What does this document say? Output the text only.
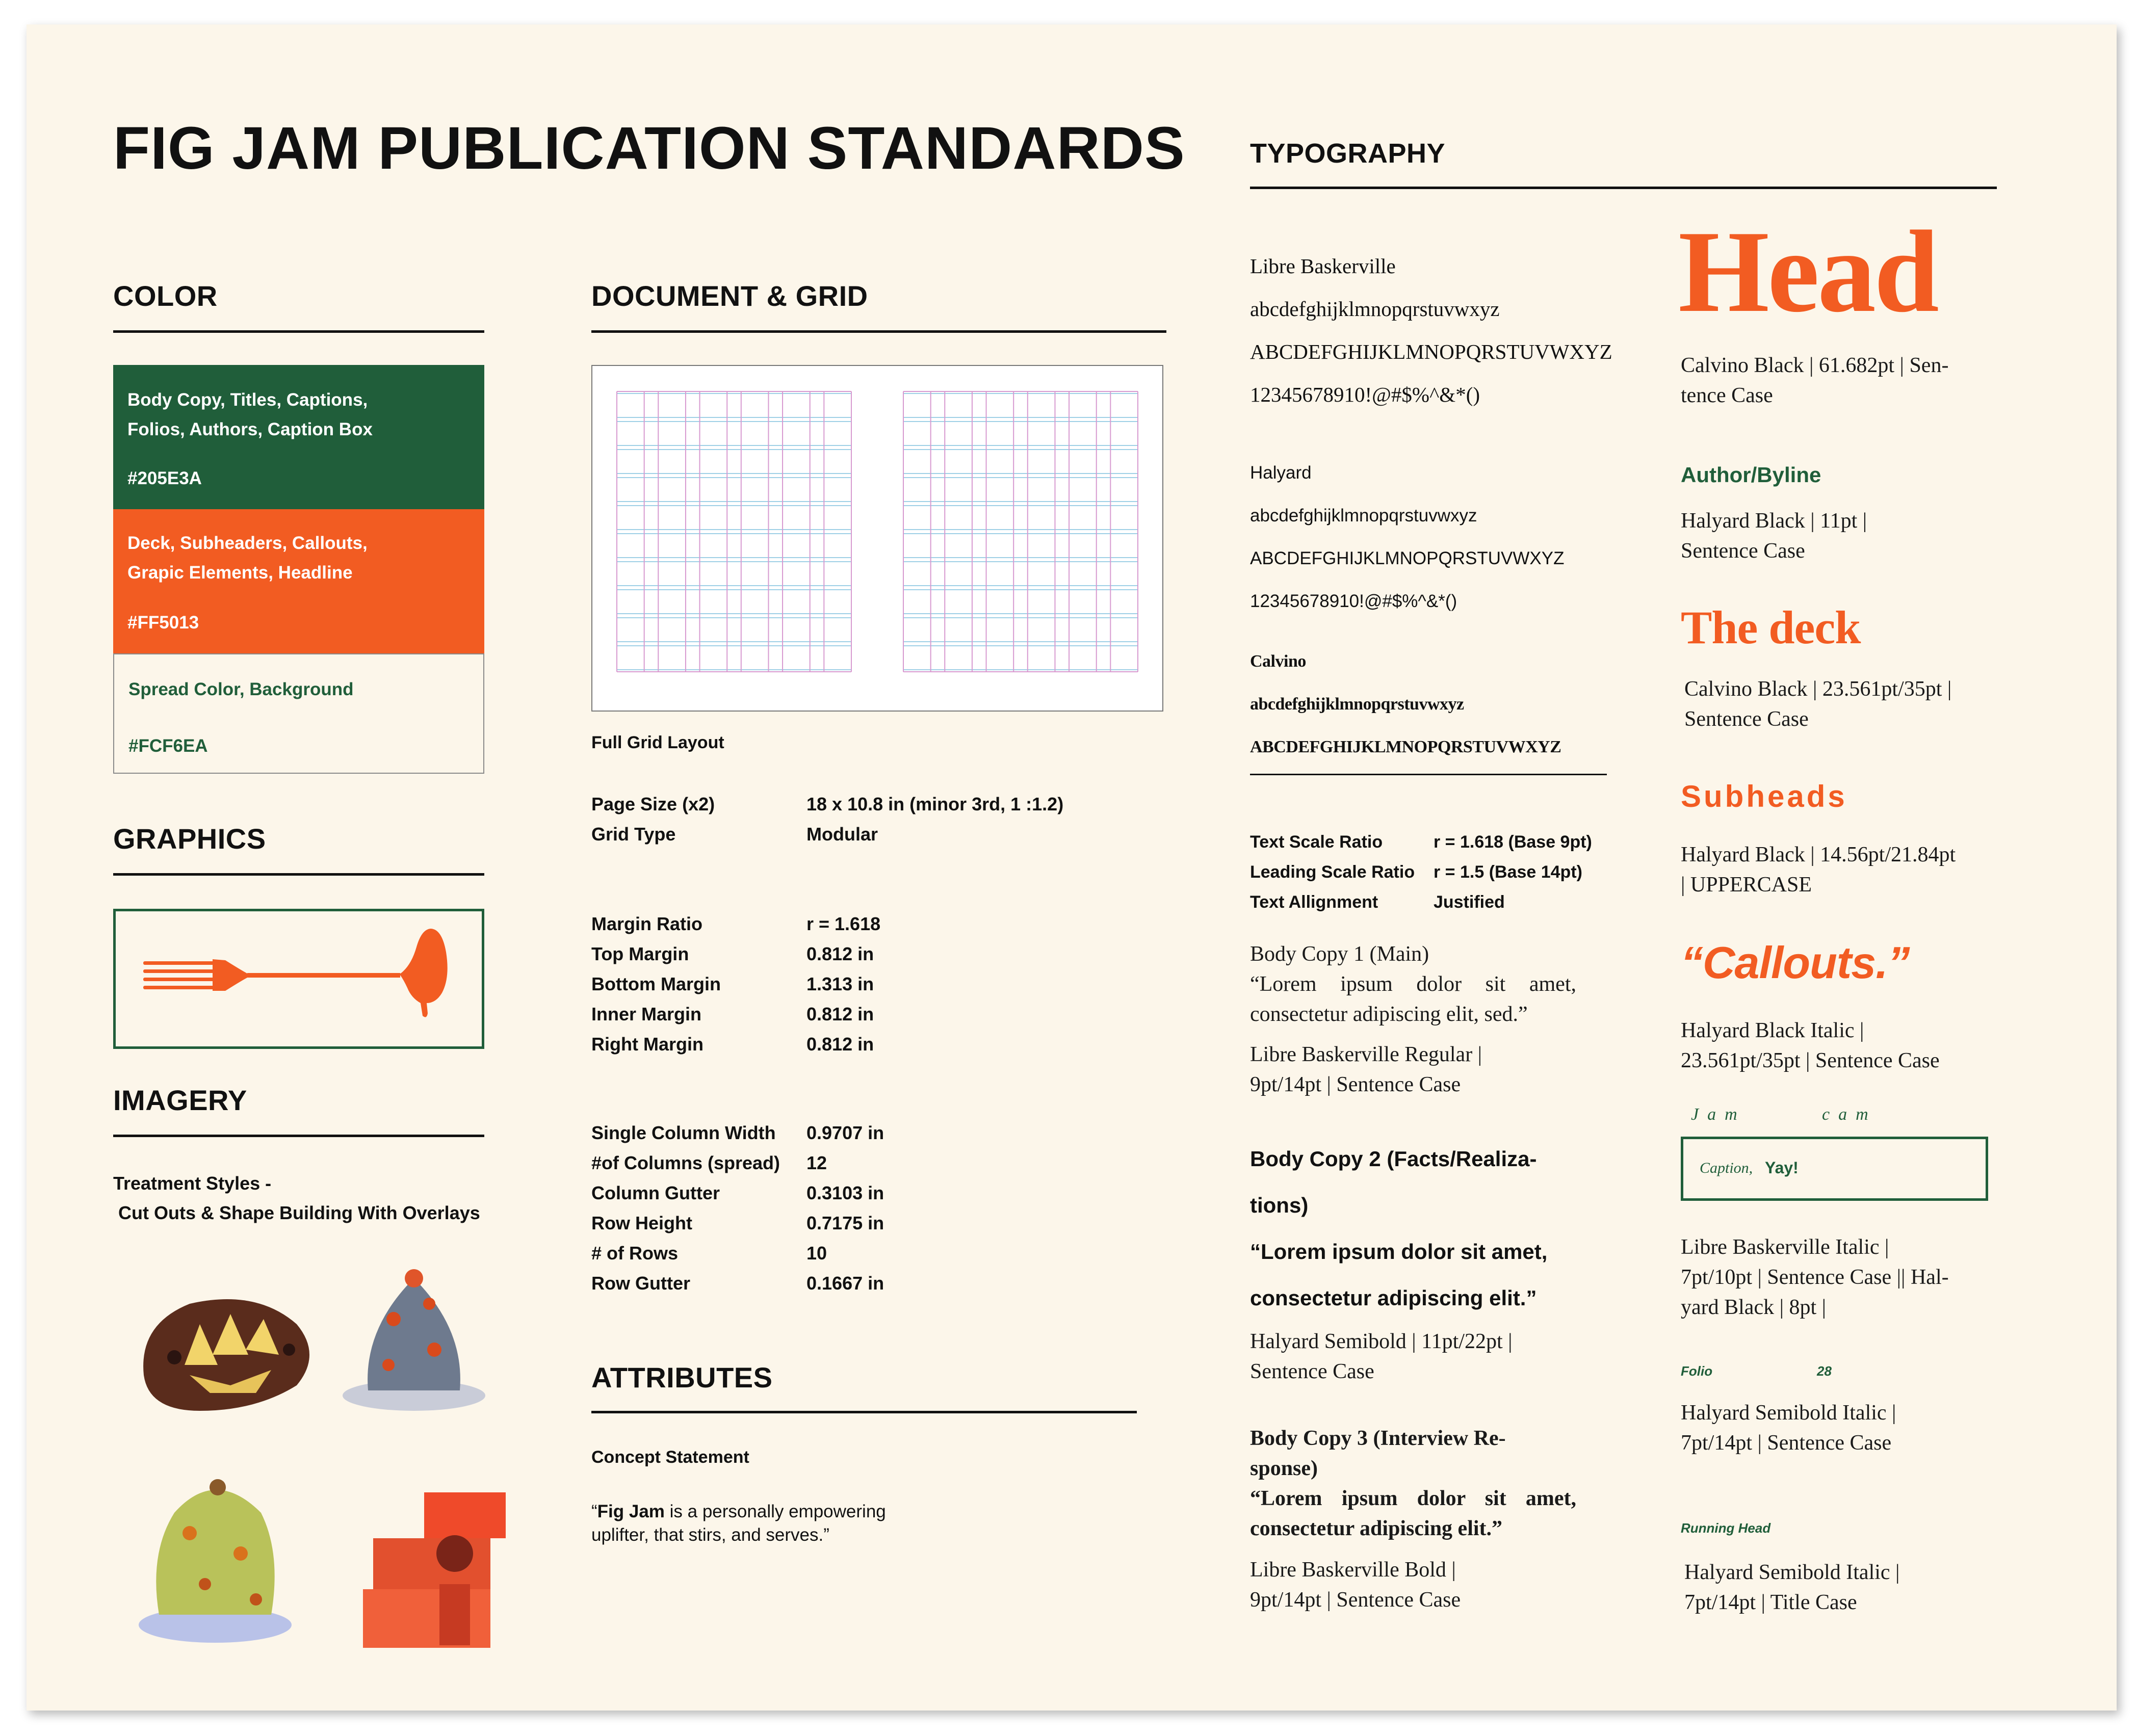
FIG JAM PUBLICATION STANDARDS
COLOR
Body Copy, Titles, Captions,
Folios, Authors, Caption Box
#205E3A
Deck, Subheaders, Callouts,
Grapic Elements, Headline
#FF5013
Spread Color, Background
#FCF6EA
GRAPHICS
IMAGERY
Treatment Styles -
Cut Outs & Shape Building With Overlays
DOCUMENT & GRID
Full Grid Layout
Page Size (x2)	18 x 10.8 in (minor 3rd, 1 :1.2)
Grid Type	Modular
Margin Ratio	r = 1.618
Top Margin	0.812 in
Bottom Margin	1.313 in
Inner Margin	0.812 in
Right Margin	0.812 in
Single Column Width	0.9707 in
#of Columns (spread)	12
Column Gutter	0.3103 in
Row Height	0.7175 in
# of Rows	10
Row Gutter	0.1667 in
ATTRIBUTES
Concept Statement
“Fig Jam is a personally empowering
uplifter, that stirs, and serves.”
TYPOGRAPHY
Libre Baskerville
abcdefghijklmnopqrstuvwxyz
ABCDEFGHIJKLMNOPQRSTUVWXYZ
12345678910!@#$%^&*()
Halyard
abcdefghijklmnopqrstuvwxyz
ABCDEFGHIJKLMNOPQRSTUVWXYZ
12345678910!@#$%^&*()
Calvino
abcdefghijklmnopqrstuvwxyz
ABCDEFGHIJKLMNOPQRSTUVWXYZ
Text Scale Ratio	r = 1.618 (Base 9pt)
Leading Scale Ratio	r = 1.5 (Base 14pt)
Text Allignment	Justified
Body Copy 1 (Main)
“Lorem ipsum dolor sit amet,
consectetur adipiscing elit, sed.”
Libre Baskerville Regular |
9pt/14pt | Sentence Case
Body Copy 2 (Facts/Realiza-
tions)
“Lorem ipsum dolor sit amet,
consectetur adipiscing elit.”
Halyard Semibold | 11pt/22pt |
Sentence Case
Body Copy 3 (Interview Re-
sponse)
“Lorem ipsum dolor sit amet,
consectetur adipiscing elit.”
Libre Baskerville Bold |
9pt/14pt | Sentence Case
Head
Calvino Black | 61.682pt | Sen-
tence Case
Author/Byline
Halyard Black | 11pt |
Sentence Case
The deck
Calvino Black | 23.561pt/35pt |
Sentence Case
Subheads
Halyard Black | 14.56pt/21.84pt
| UPPERCASE
“Callouts.”
Halyard Black Italic |
23.561pt/35pt | Sentence Case
J  a  m	c  a  m
Caption, Yay!
Libre Baskerville Italic |
7pt/10pt | Sentence Case || Hal-
yard Black | 8pt |
Folio	28
Halyard Semibold Italic |
7pt/14pt | Sentence Case
Running Head
Halyard Semibold Italic |
7pt/14pt | Title Case
